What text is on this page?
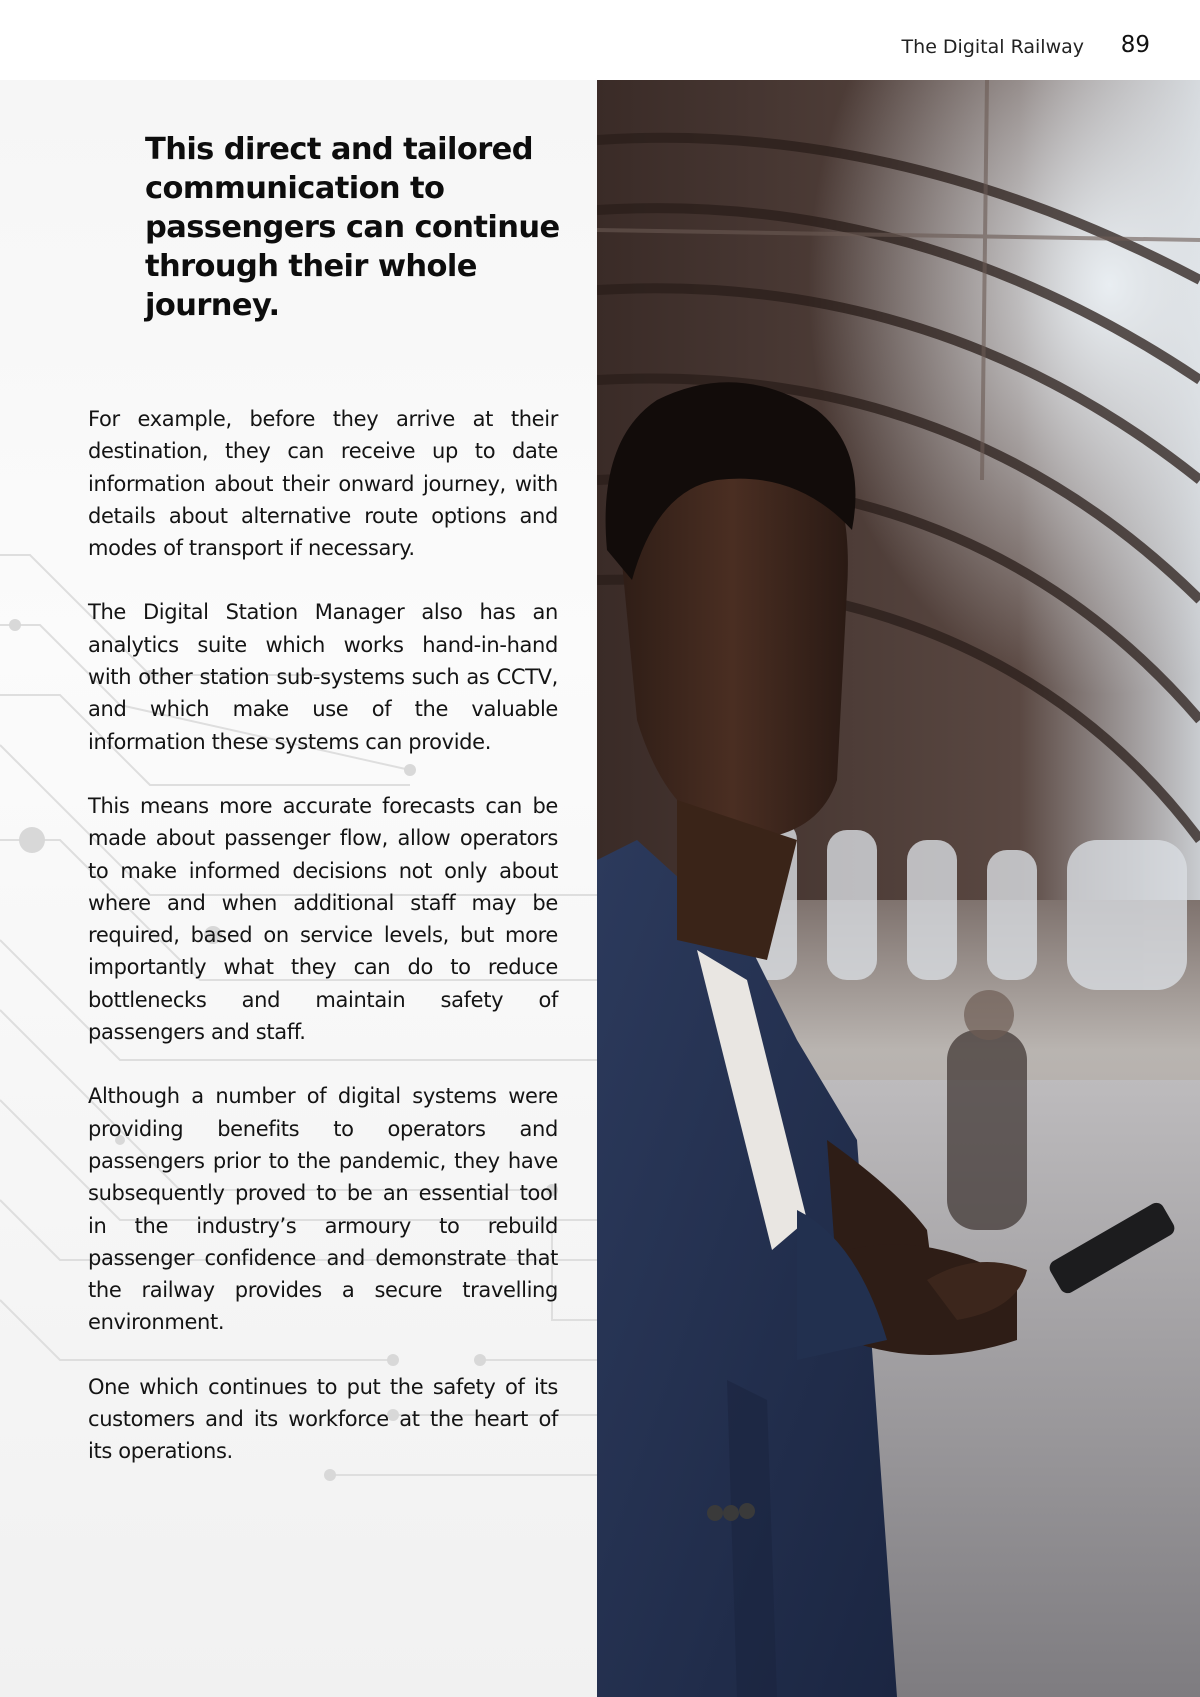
The Digital Railway 89
This direct and tailored communication to passengers can continue through their whole journey.

For example, before they arrive at their destination, they can receive up to date information about their onward journey, with details about alternative route options and modes of transport if necessary.

The Digital Station Manager also has an analytics suite which works hand-in-hand with other station sub-systems such as CCTV, and which make use of the valuable information these systems can provide.

This means more accurate forecasts can be made about passenger flow, allow operators to make informed decisions not only about where and when additional staff may be required, based on service levels, but more importantly what they can do to reduce bottlenecks and maintain safety of passengers and staff.

Although a number of digital systems were providing benefits to operators and passengers prior to the pandemic, they have subsequently proved to be an essential tool in the industry’s armoury to rebuild passenger confidence and demonstrate that the railway provides a secure travelling environment.

One which continues to put the safety of its customers and its workforce at the heart of its operations.
